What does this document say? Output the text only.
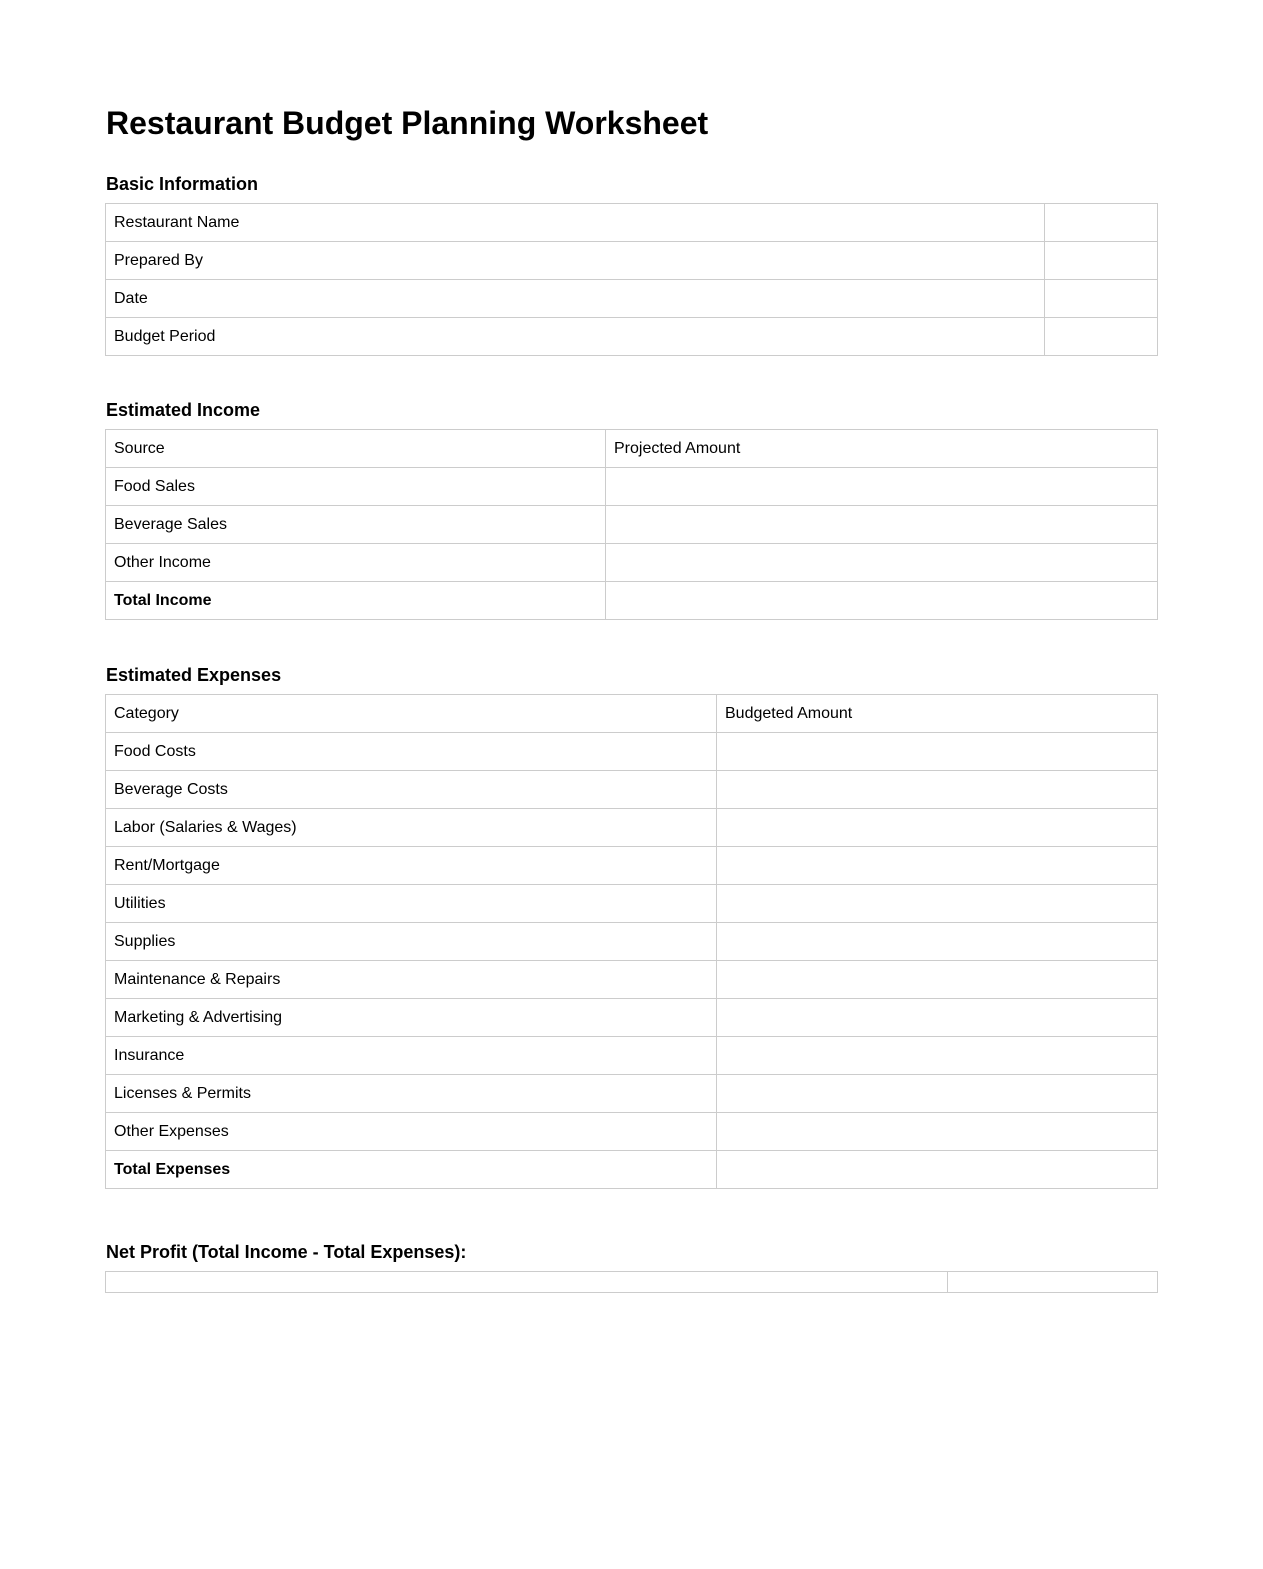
Restaurant Budget Planning Worksheet
Basic Information
Restaurant Name	
Prepared By	
Date	
Budget Period	
Estimated Income
Source	Projected Amount
Food Sales	
Beverage Sales	
Other Income	
Total Income	
Estimated Expenses
Category	Budgeted Amount
Food Costs	
Beverage Costs	
Labor (Salaries & Wages)	
Rent/Mortgage	
Utilities	
Supplies	
Maintenance & Repairs	
Marketing & Advertising	
Insurance	
Licenses & Permits	
Other Expenses	
Total Expenses	
Net Profit (Total Income - Total Expenses):
